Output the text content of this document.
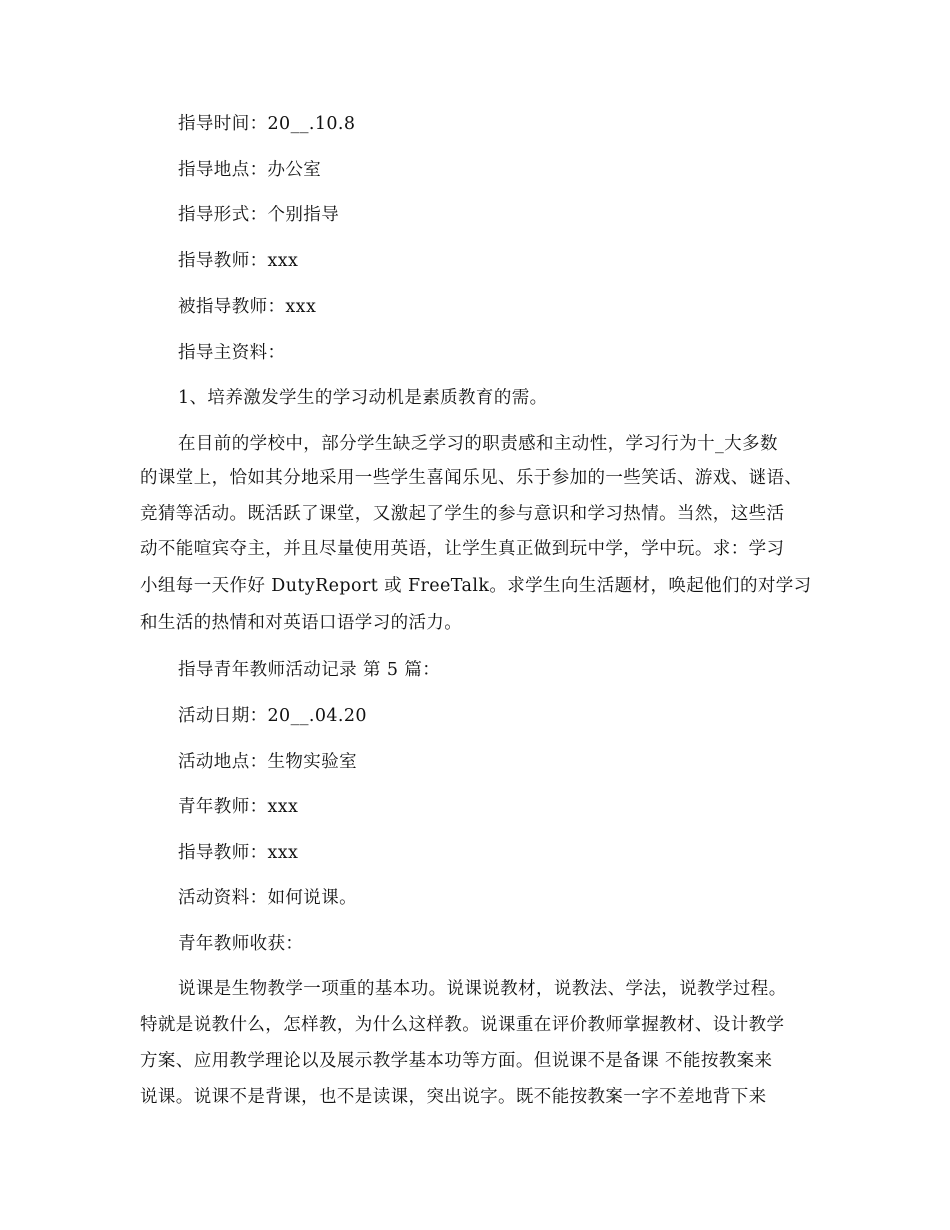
指导时间：20__.10.8
指导地点：办公室
指导形式：个别指导
指导教师：xxx
被指导教师：xxx
指导主资料：
1、培养激发学生的学习动机是素质教育的需。
在目前的学校中，部分学生缺乏学习的职责感和主动性，学习行为十_大多数
的课堂上，恰如其分地采用一些学生喜闻乐见、乐于参加的一些笑话、游戏、谜语、
竞猜等活动。既活跃了课堂，又激起了学生的参与意识和学习热情。当然，这些活
动不能喧宾夺主，并且尽量使用英语，让学生真正做到玩中学，学中玩。求：学习
小组每一天作好 DutyReport 或 FreeTalk。求学生向生活题材，唤起他们的对学习
和生活的热情和对英语口语学习的活力。
指导青年教师活动记录 第 5 篇：
活动日期：20__.04.20
活动地点：生物实验室
青年教师：xxx
指导教师：xxx
活动资料：如何说课。
青年教师收获：
说课是生物教学一项重的基本功。说课说教材，说教法、学法，说教学过程。
特就是说教什么，怎样教，为什么这样教。说课重在评价教师掌握教材、设计教学
方案、应用教学理论以及展示教学基本功等方面。但说课不是备课 不能按教案来
说课。说课不是背课，也不是读课，突出说字。既不能按教案一字不差地背下来
